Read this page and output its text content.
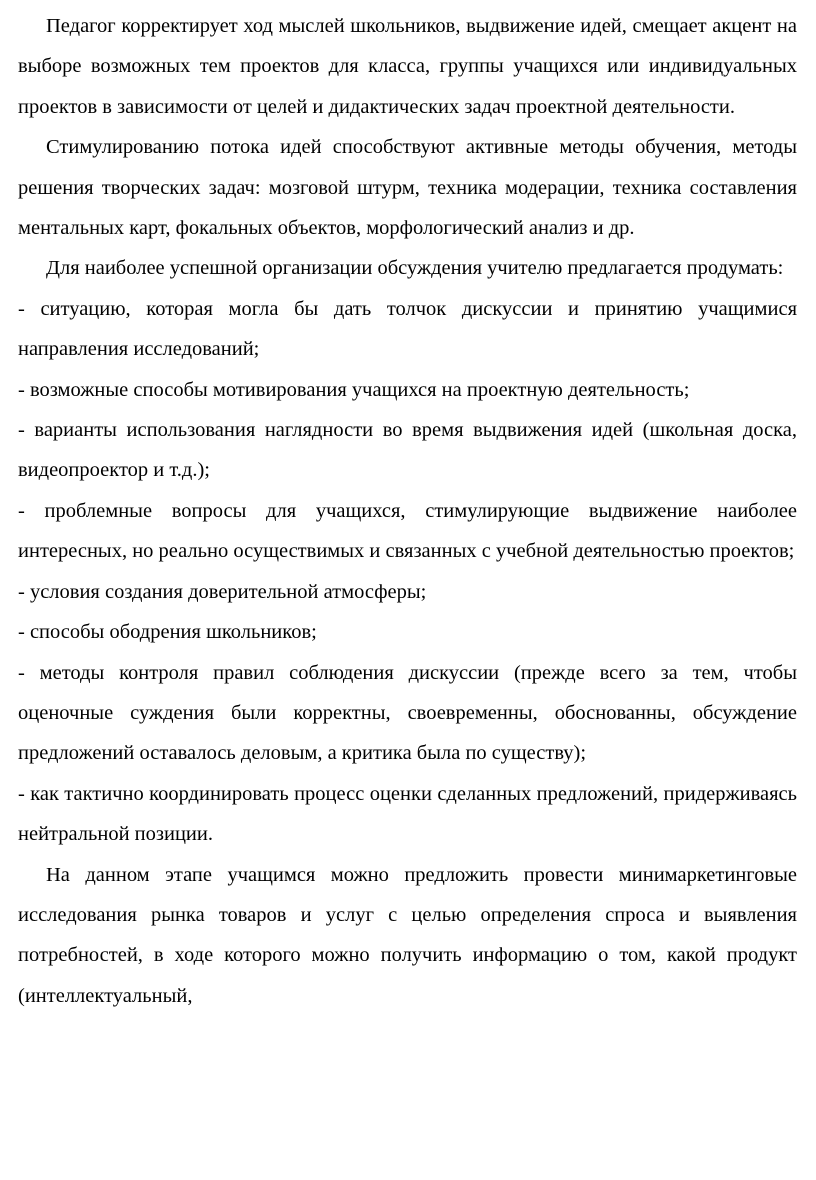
Педагог корректирует ход мыслей школьников, выдвижение идей, смещает акцент на выборе возможных тем проектов для класса, группы учащихся или индивидуальных проектов в зависимости от целей и дидактических задач проектной деятельности.

Стимулированию потока идей способствуют активные методы обучения, методы решения творческих задач: мозговой штурм, техника модерации, техника составления ментальных карт, фокальных объектов, морфологический анализ и др.

Для наиболее успешной организации обсуждения учителю предлагается продумать:

- ситуацию, которая могла бы дать толчок дискуссии и принятию учащимися направления исследований;

- возможные способы мотивирования учащихся на проектную деятельность;

- варианты использования наглядности во время выдвижения идей (школьная доска, видеопроектор и т.д.);

- проблемные вопросы для учащихся, стимулирующие выдвижение наиболее интересных, но реально осуществимых и связанных с учебной деятельностью проектов;

- условия создания доверительной атмосферы;

- способы ободрения школьников;

- методы контроля правил соблюдения дискуссии (прежде всего за тем, чтобы оценочные суждения были корректны, своевременны, обоснованны, обсуждение предложений оставалось деловым, а критика была по существу);

- как тактично координировать процесс оценки сделанных предложений, придерживаясь нейтральной позиции.

На данном этапе учащимся можно предложить провести минимаркетинговые исследования рынка товаров и услуг с целью определения спроса и выявления потребностей, в ходе которого можно получить информацию о том, какой продукт (интеллектуальный,
